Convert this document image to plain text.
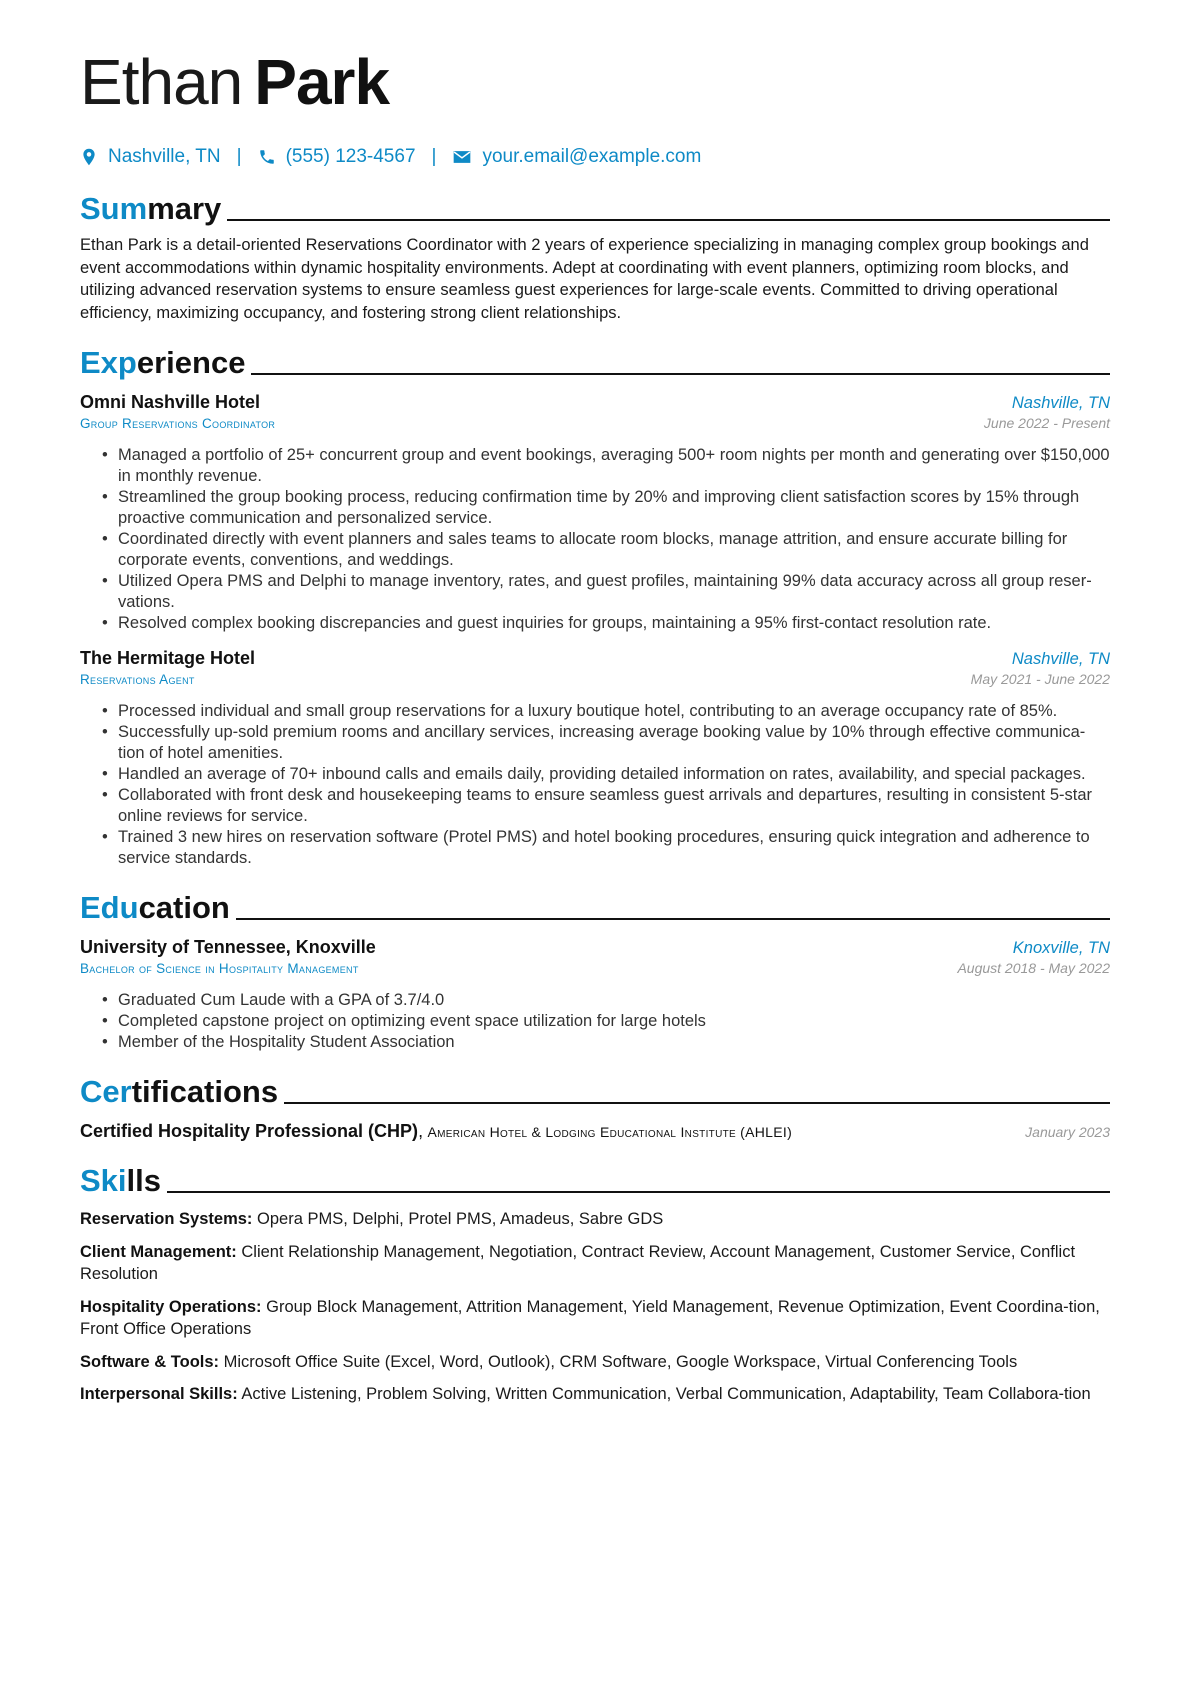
Ethan Park
Nashville, TN | (555) 123-4567 | your.email@example.com
Summary
Ethan Park is a detail-oriented Reservations Coordinator with 2 years of experience specializing in managing complex group bookings and event accommodations within dynamic hospitality environments. Adept at coordinating with event planners, optimizing room blocks, and utilizing advanced reservation systems to ensure seamless guest experiences for large-scale events. Committed to driving operational efficiency, maximizing occupancy, and fostering strong client relationships.
Experience
Omni Nashville Hotel	Nashville, TN
Group Reservations Coordinator	June 2022 - Present
• Managed a portfolio of 25+ concurrent group and event bookings, averaging 500+ room nights per month and generating over $150,000 in monthly revenue.
• Streamlined the group booking process, reducing confirmation time by 20% and improving client satisfaction scores by 15% through proactive communication and personalized service.
• Coordinated directly with event planners and sales teams to allocate room blocks, manage attrition, and ensure accurate billing for corporate events, conventions, and weddings.
• Utilized Opera PMS and Delphi to manage inventory, rates, and guest profiles, maintaining 99% data accuracy across all group reser-vations.
• Resolved complex booking discrepancies and guest inquiries for groups, maintaining a 95% first-contact resolution rate.
The Hermitage Hotel	Nashville, TN
Reservations Agent	May 2021 - June 2022
• Processed individual and small group reservations for a luxury boutique hotel, contributing to an average occupancy rate of 85%.
• Successfully up-sold premium rooms and ancillary services, increasing average booking value by 10% through effective communica-tion of hotel amenities.
• Handled an average of 70+ inbound calls and emails daily, providing detailed information on rates, availability, and special packages.
• Collaborated with front desk and housekeeping teams to ensure seamless guest arrivals and departures, resulting in consistent 5-star online reviews for service.
• Trained 3 new hires on reservation software (Protel PMS) and hotel booking procedures, ensuring quick integration and adherence to service standards.
Education
University of Tennessee, Knoxville	Knoxville, TN
Bachelor of Science in Hospitality Management	August 2018 - May 2022
• Graduated Cum Laude with a GPA of 3.7/4.0
• Completed capstone project on optimizing event space utilization for large hotels
• Member of the Hospitality Student Association
Certifications
Certified Hospitality Professional (CHP), American Hotel & Lodging Educational Institute (AHLEI)	January 2023
Skills
Reservation Systems: Opera PMS, Delphi, Protel PMS, Amadeus, Sabre GDS
Client Management: Client Relationship Management, Negotiation, Contract Review, Account Management, Customer Service, Conflict Resolution
Hospitality Operations: Group Block Management, Attrition Management, Yield Management, Revenue Optimization, Event Coordina-tion, Front Office Operations
Software & Tools: Microsoft Office Suite (Excel, Word, Outlook), CRM Software, Google Workspace, Virtual Conferencing Tools
Interpersonal Skills: Active Listening, Problem Solving, Written Communication, Verbal Communication, Adaptability, Team Collabora-tion
